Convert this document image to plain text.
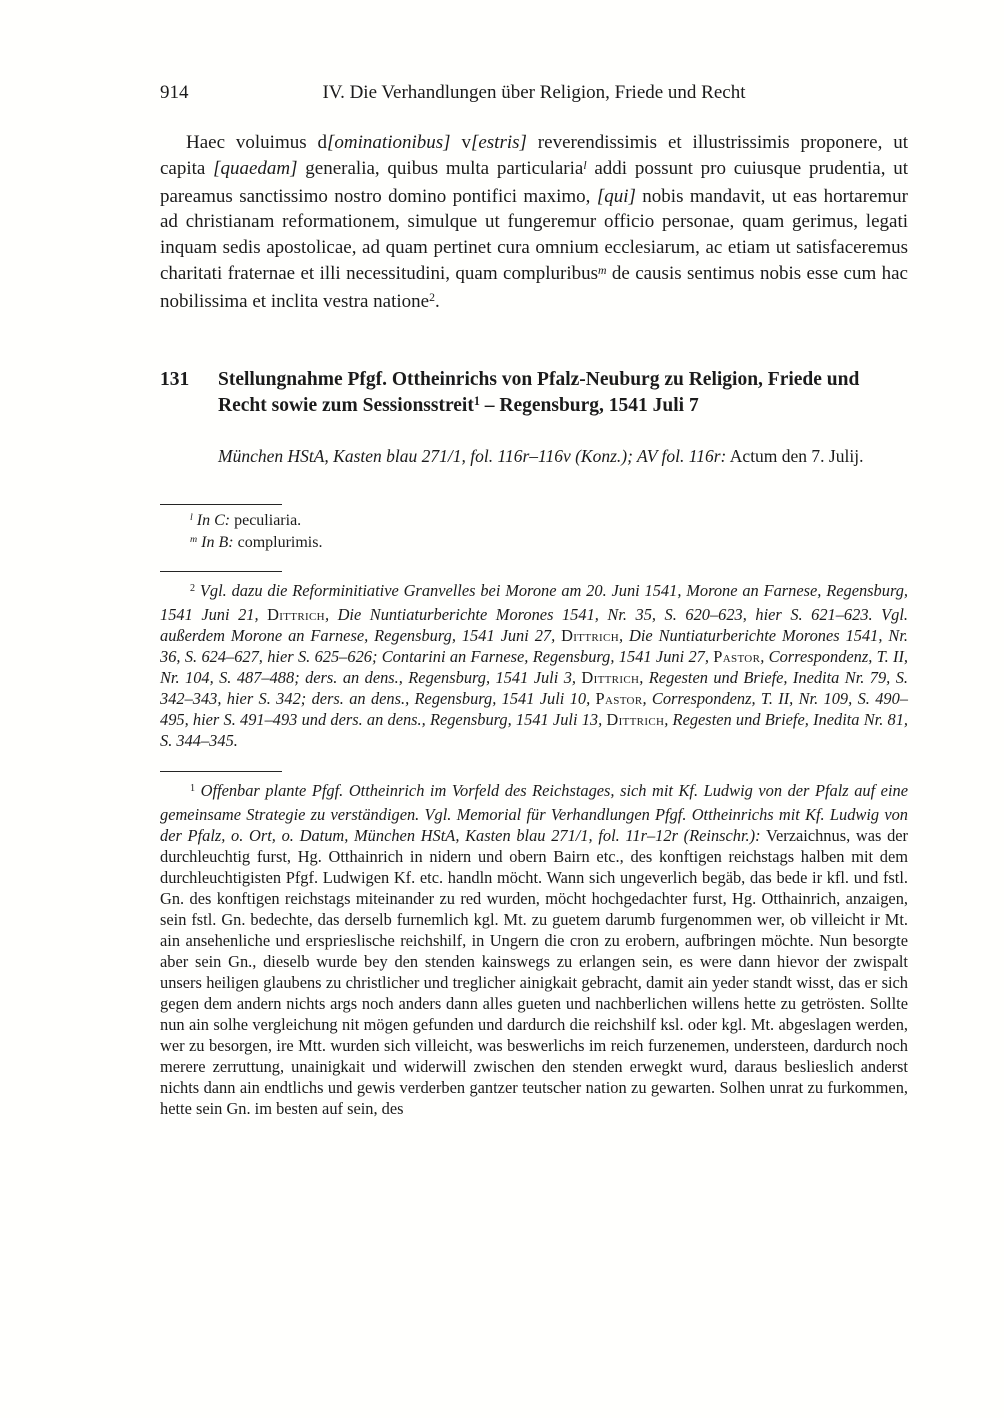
914	IV. Die Verhandlungen über Religion, Friede und Recht

Haec voluimus d[ominationibus] v[estris] reverendissimis et illustrissimis proponere, ut capita [quaedam] generalia, quibus multa particularia$^l$ addi possunt pro cuiusque prudentia, ut pareamus sanctissimo nostro domino pontifici maximo, [qui] nobis mandavit, ut eas hortaremur ad christianam reformationem, simulque ut fungeremur officio personae, quam gerimus, legati inquam sedis apostolicae, ad quam pertinet cura omnium ecclesiarum, ac etiam ut satisfaceremus charitati fraternae et illi necessitudini, quam compluribus$^m$ de causis sentimus nobis esse cum hac nobilissima et inclita vestra natione$^2$.

131	Stellungnahme Pfgf. Ottheinrichs von Pfalz-Neuburg zu Religion, Friede und Recht sowie zum Sessionsstreit$^1$ – Regensburg, 1541 Juli 7

München HStA, Kasten blau 271/1, fol. 116r–116v (Konz.); AV fol. 116r: Actum den 7. Julij.

$^l$ In C: peculiaria.

$^m$ In B: complurimis.

$^2$ Vgl. dazu die Reforminitiative Granvelles bei Morone am 20. Juni 1541, Morone an Farnese, Regensburg, 1541 Juni 21, Dittrich, Die Nuntiaturberichte Morones 1541, Nr. 35, S. 620–623, hier S. 621–623. Vgl. außerdem Morone an Farnese, Regensburg, 1541 Juni 27, Dittrich, Die Nuntiaturberichte Morones 1541, Nr. 36, S. 624–627, hier S. 625–626; Contarini an Farnese, Regensburg, 1541 Juni 27, Pastor, Correspondenz, T. II, Nr. 104, S. 487–488; ders. an dens., Regensburg, 1541 Juli 3, Dittrich, Regesten und Briefe, Inedita Nr. 79, S. 342–343, hier S. 342; ders. an dens., Regensburg, 1541 Juli 10, Pastor, Correspondenz, T. II, Nr. 109, S. 490–495, hier S. 491–493 und ders. an dens., Regensburg, 1541 Juli 13, Dittrich, Regesten und Briefe, Inedita Nr. 81, S. 344–345.

$^1$ Offenbar plante Pfgf. Ottheinrich im Vorfeld des Reichstages, sich mit Kf. Ludwig von der Pfalz auf eine gemeinsame Strategie zu verständigen. Vgl. Memorial für Verhandlungen Pfgf. Ottheinrichs mit Kf. Ludwig von der Pfalz, o. Ort, o. Datum, München HStA, Kasten blau 271/1, fol. 11r–12r (Reinschr.): Verzaichnus, was der durchleuchtig furst, Hg. Otthainrich in nidern und obern Bairn etc., des konftigen reichstags halben mit dem durchleuchtigisten Pfgf. Ludwigen Kf. etc. handln möcht. Wann sich ungeverlich begäb, das bede ir kfl. und fstl. Gn. des konftigen reichstags miteinander zu red wurden, möcht hochgedachter furst, Hg. Otthainrich, anzaigen, sein fstl. Gn. bedechte, das derselb furnemlich kgl. Mt. zu guetem darumb furgenommen wer, ob villeicht ir Mt. ain ansehenliche und ersprieslische reichshilf, in Ungern die cron zu erobern, aufbringen möchte. Nun besorgte aber sein Gn., dieselb wurde bey den stenden kainswegs zu erlangen sein, es were dann hievor der zwispalt unsers heiligen glaubens zu christlicher und treglicher ainigkait gebracht, damit ain yeder standt wisst, das er sich gegen dem andern nichts args noch anders dann alles gueten und nachberlichen willens hette zu getrösten. Sollte nun ain solhe vergleichung nit mögen gefunden und dardurch die reichshilf ksl. oder kgl. Mt. abgeslagen werden, wer zu besorgen, ire Mtt. wurden sich villeicht, was beswerlichs im reich furzenemen, understeen, dardurch noch merere zerruttung, unainigkait und widerwill zwischen den stenden erwegkt wurd, daraus beslieslich anderst nichts dann ain endtlichs und gewis verderben gantzer teutscher nation zu gewarten. Solhen unrat zu furkommen, hette sein Gn. im besten auf sein, des
